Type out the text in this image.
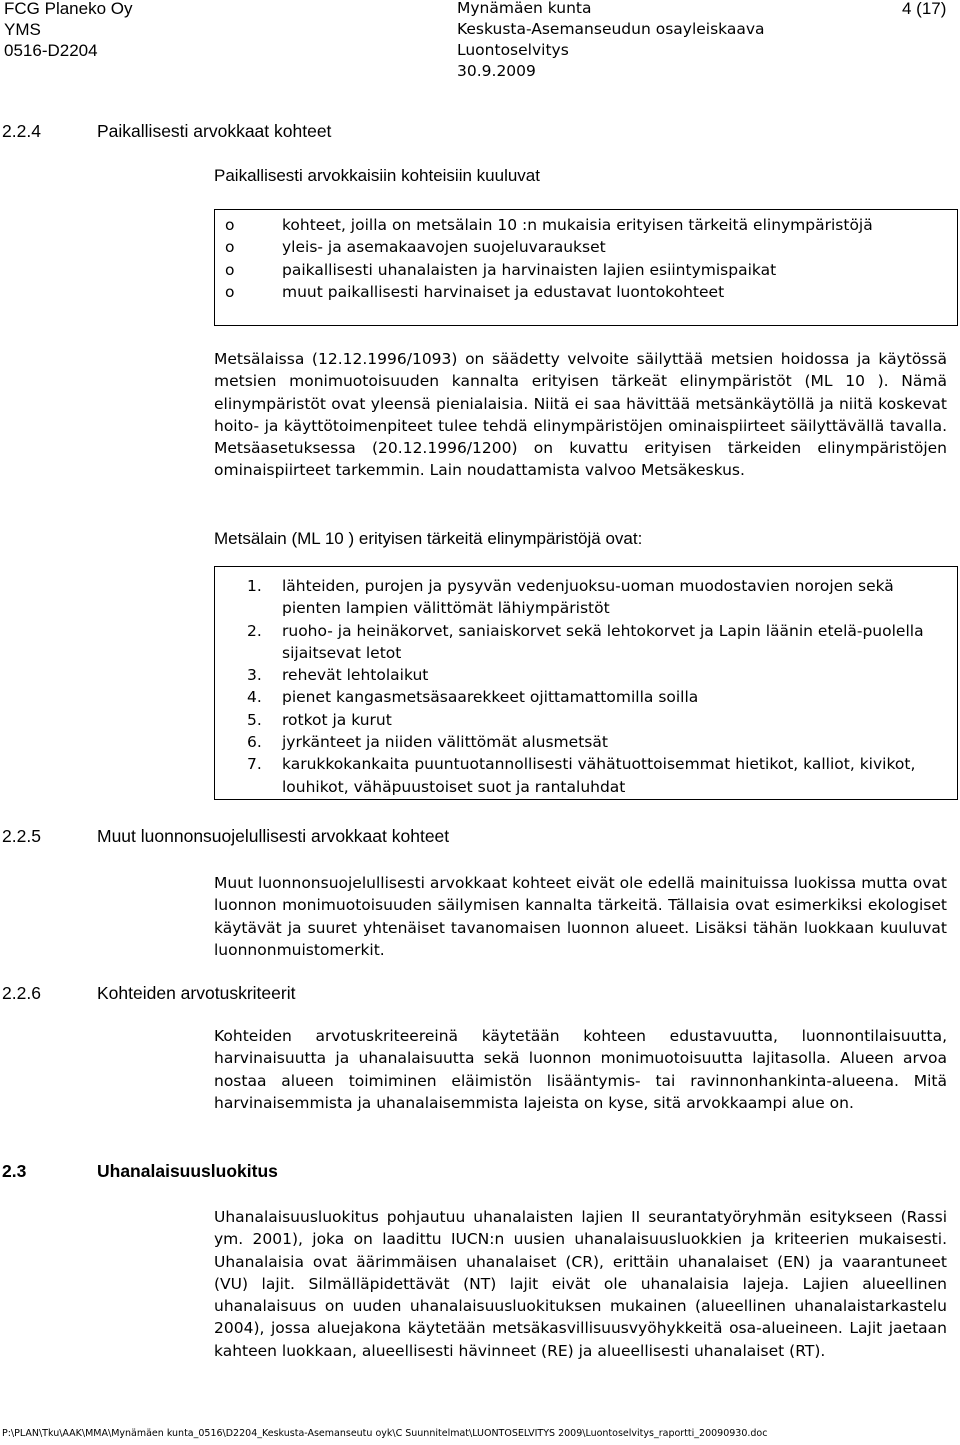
FCG Planeko Oy
YMS
0516-D2204
Mynämäen kunta
Keskusta-Asemanseudun osayleiskaava
Luontoselvitys
30.9.2009
4 (17)
2.2.4	Paikallisesti arvokkaat kohteet
Paikallisesti arvokkaisiin kohteisiin kuuluvat
o	kohteet, joilla on metsälain 10 :n mukaisia erityisen tärkeitä elinympäristöjä
o	yleis- ja asemakaavojen suojeluvaraukset
o	paikallisesti uhanalaisten ja harvinaisten lajien esiintymispaikat
o	muut paikallisesti harvinaiset ja edustavat luontokohteet

Metsälaissa (12.12.1996/1093) on säädetty velvoite säilyttää metsien hoidossa ja käytössä metsien monimuotoisuuden kannalta erityisen tärkeät elinympäristöt (ML 10 ). Nämä elinympäristöt ovat yleensä pienialaisia. Niitä ei saa hävittää metsänkäytöllä ja niitä koskevat hoito- ja käyttötoimenpiteet tulee tehdä elinympäristöjen ominaispiirteet säilyttävällä tavalla. Metsäasetuksessa (20.12.1996/1200) on kuvattu erityisen tärkeiden elinympäristöjen ominaispiirteet tarkemmin. Lain noudattamista valvoo Metsäkeskus.

Metsälain (ML 10 ) erityisen tärkeitä elinympäristöjä ovat:
1. lähteiden, purojen ja pysyvän vedenjuoksu-uoman muodostavien norojen sekä pienten lampien välittömät lähiympäristöt
2. ruoho- ja heinäkorvet, saniaiskorvet sekä lehtokorvet ja Lapin läänin etelä-puolella sijaitsevat letot
3. rehevät lehtolaikut
4. pienet kangasmetsäsaarekkeet ojittamattomilla soilla
5. rotkot ja kurut
6. jyrkänteet ja niiden välittömät alusmetsät
7. karukkokankaita puuntuotannollisesti vähätuottoisemmat hietikot, kalliot, kivikot, louhikot, vähäpuustoiset suot ja rantaluhdat
2.2.5	Muut luonnonsuojelullisesti arvokkaat kohteet

Muut luonnonsuojelullisesti arvokkaat kohteet eivät ole edellä mainituissa luokissa mutta ovat luonnon monimuotoisuuden säilymisen kannalta tärkeitä. Tällaisia ovat esimerkiksi ekologiset käytävät ja suuret yhtenäiset tavanomaisen luonnon alueet. Lisäksi tähän luokkaan kuuluvat luonnonmuistomerkit.

2.2.6	Kohteiden arvotuskriteerit

Kohteiden arvotuskriteereinä käytetään kohteen edustavuutta, luonnontilaisuutta, harvinaisuutta ja uhanalaisuutta sekä luonnon monimuotoisuutta lajitasolla. Alueen arvoa nostaa alueen toimiminen eläimistön lisääntymis- tai ravinnonhankinta-alueena. Mitä harvinaisemmista ja uhanalaisemmista lajeista on kyse, sitä arvokkaampi alue on.

2.3	Uhanalaisuusluokitus

Uhanalaisuusluokitus pohjautuu uhanalaisten lajien II seurantatyöryhmän esitykseen (Rassi ym. 2001), joka on laadittu IUCN:n uusien uhanalaisuusluokkien ja kriteerien mukaisesti. Uhanalaisia ovat äärimmäisen uhanalaiset (CR), erittäin uhanalaiset (EN) ja vaarantuneet (VU) lajit. Silmälläpidettävät (NT) lajit eivät ole uhanalaisia lajeja. Lajien alueellinen uhanalaisuus on uuden uhanalaisuusluokituksen mukainen (alueellinen uhanalaistarkastelu 2004), jossa aluejakona käytetään metsäkasvillisuusvyöhykkeitä osa-alueineen. Lajit jaetaan kahteen luokkaan, alueellisesti hävinneet (RE) ja alueellisesti uhanalaiset (RT).

P:\PLAN\Tku\AAK\MMA\Mynämäen kunta_0516\D2204_Keskusta-Asemanseutu oyk\C Suunnitelmat\LUONTOSELVITYS 2009\Luontoselvitys_raportti_20090930.doc
